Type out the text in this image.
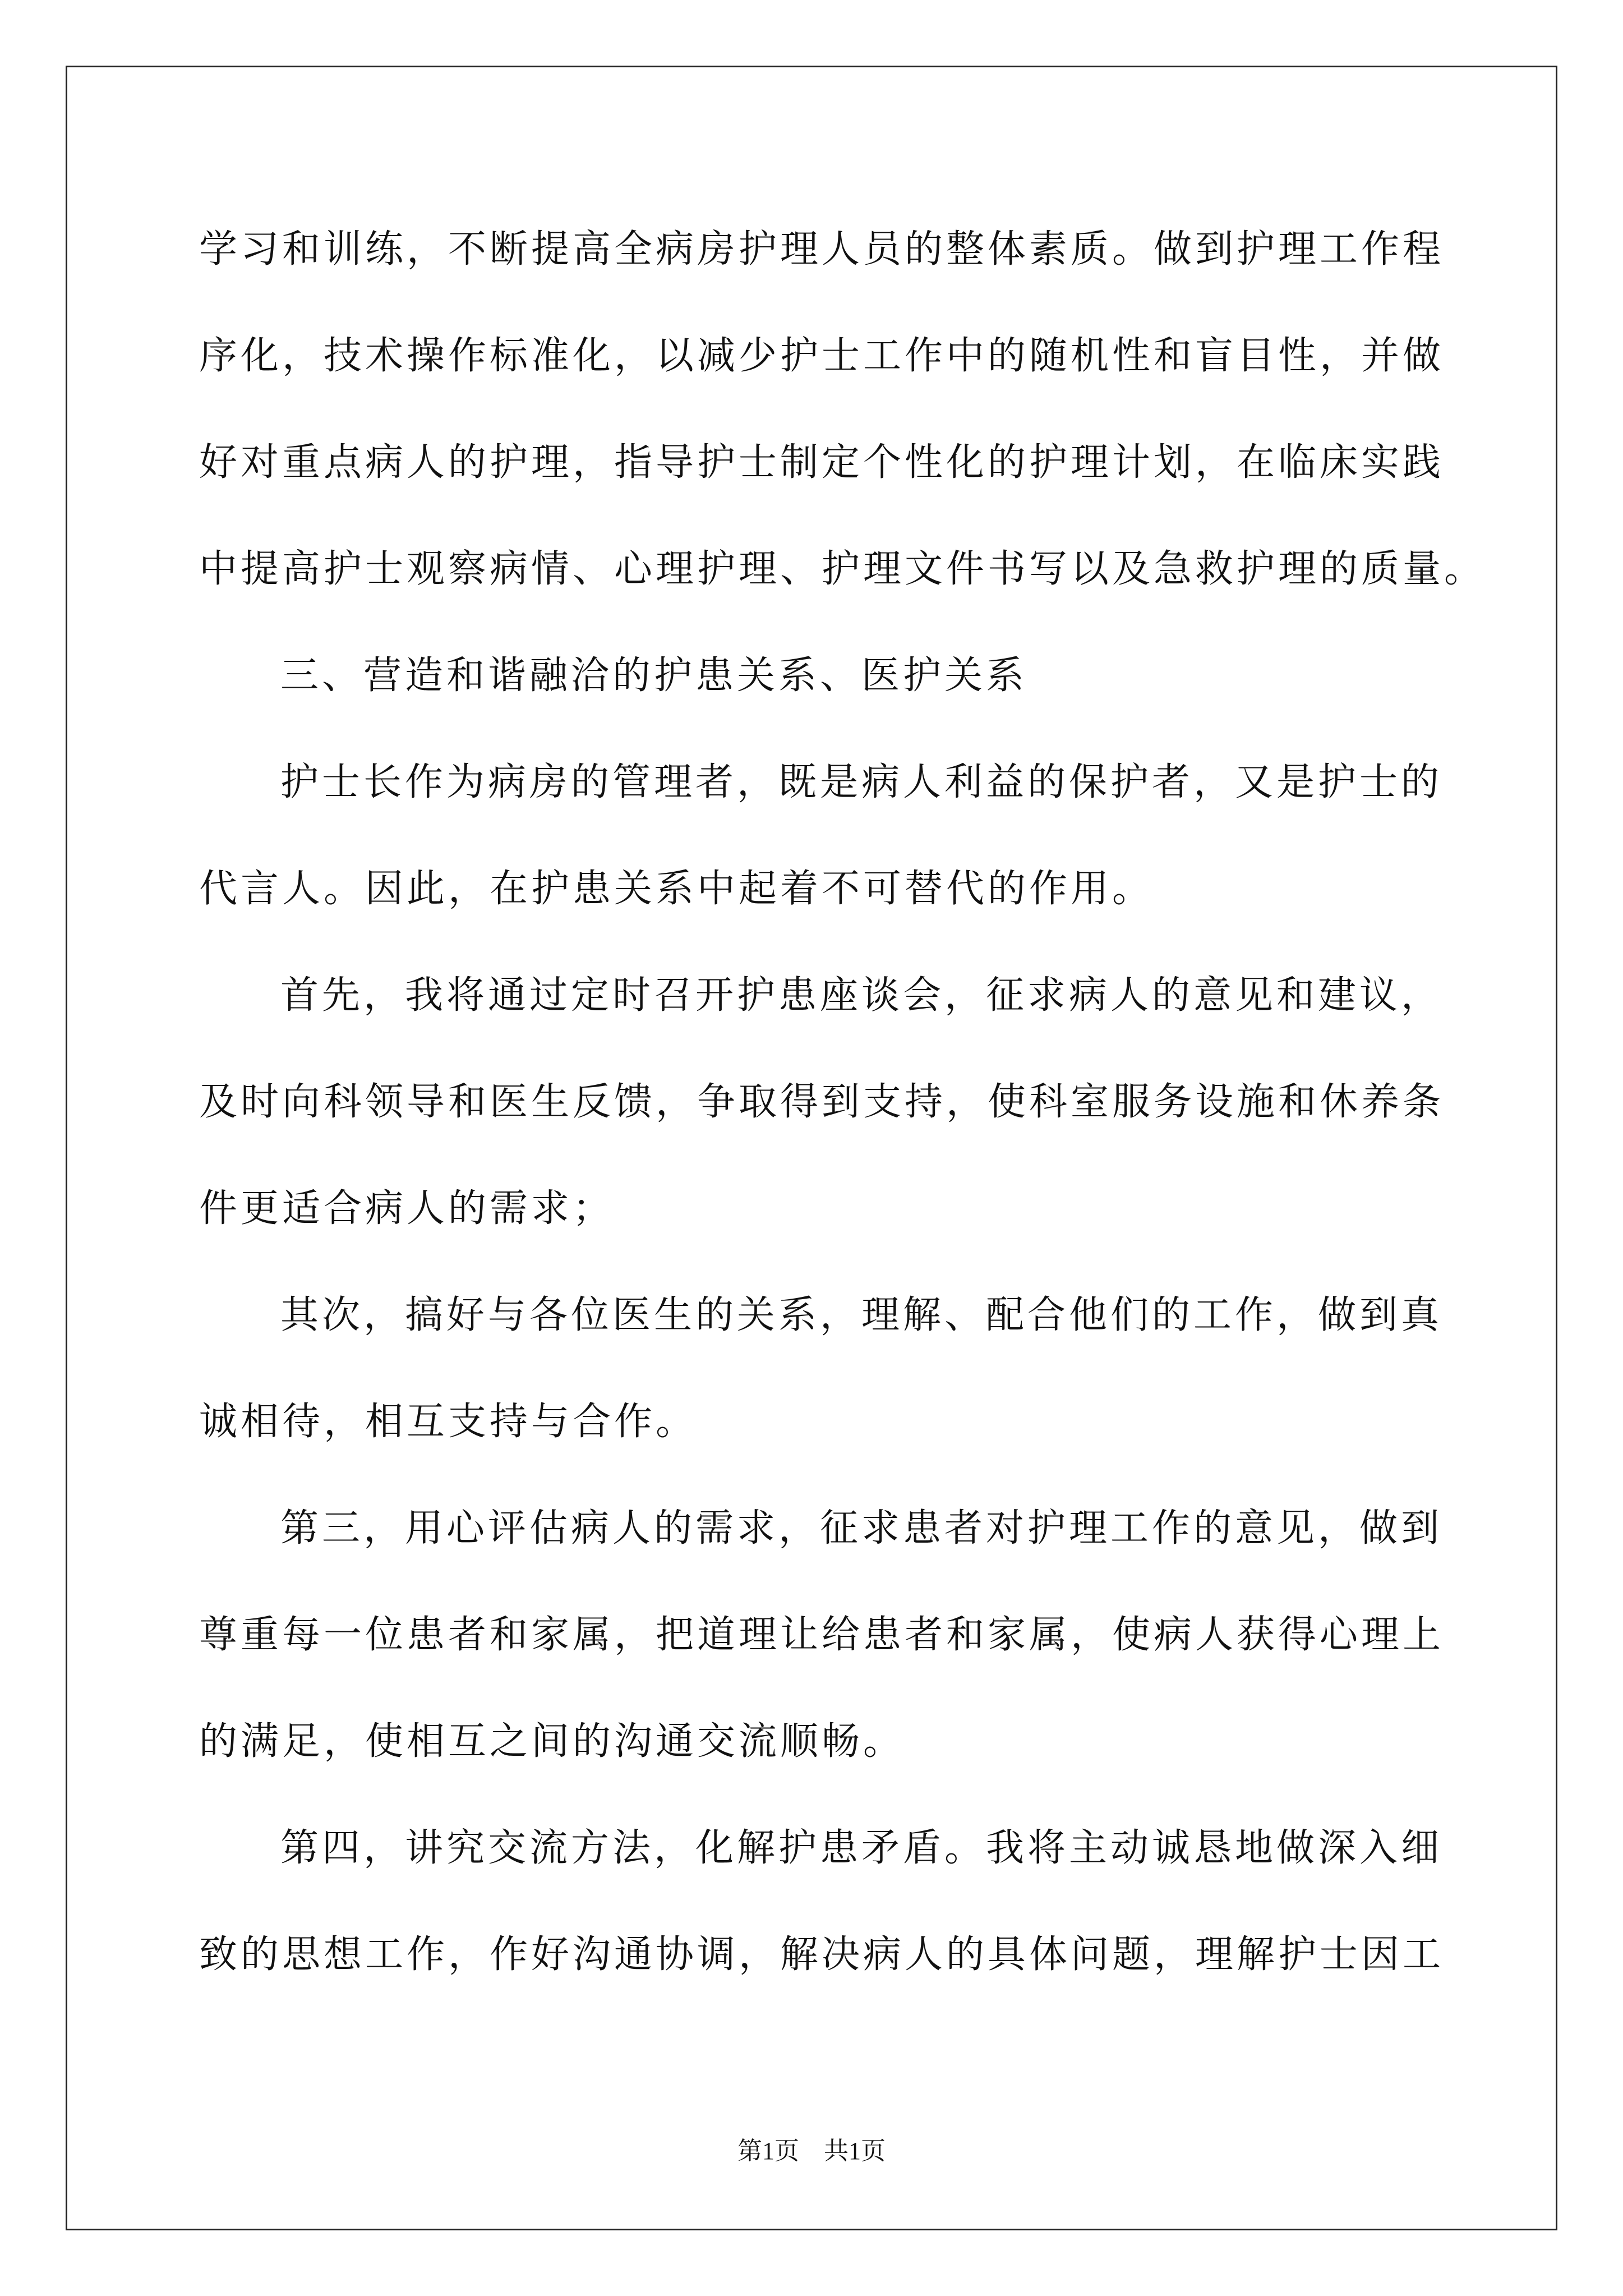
学习和训练，不断提高全病房护理人员的整体素质。做到护理工作程
序化，技术操作标准化，以减少护士工作中的随机性和盲目性，并做
好对重点病人的护理，指导护士制定个性化的护理计划，在临床实践
中提高护士观察病情、心理护理、护理文件书写以及急救护理的质量。
三、营造和谐融洽的护患关系、医护关系
护士长作为病房的管理者，既是病人利益的保护者，又是护士的
代言人。因此，在护患关系中起着不可替代的作用。
首先，我将通过定时召开护患座谈会，征求病人的意见和建议，
及时向科领导和医生反馈，争取得到支持，使科室服务设施和休养条
件更适合病人的需求；
其次，搞好与各位医生的关系，理解、配合他们的工作，做到真
诚相待，相互支持与合作。
第三，用心评估病人的需求，征求患者对护理工作的意见，做到
尊重每一位患者和家属，把道理让给患者和家属，使病人获得心理上
的满足，使相互之间的沟通交流顺畅。
第四，讲究交流方法，化解护患矛盾。我将主动诚恳地做深入细
致的思想工作，作好沟通协调，解决病人的具体问题，理解护士因工
第1页　共1页
